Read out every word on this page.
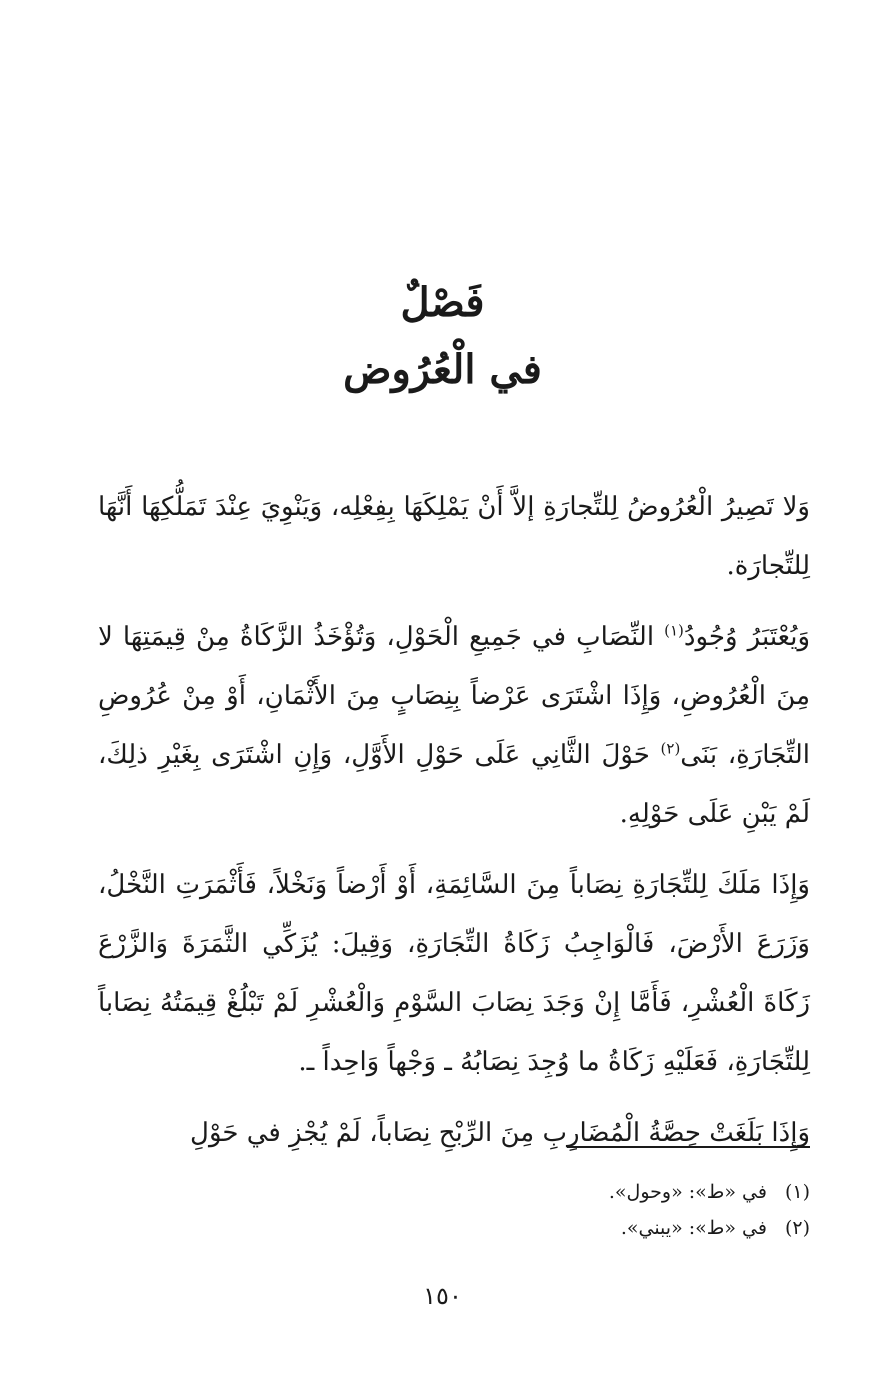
فَصْلٌ
في الْعُرُوض

وَلا تَصِيرُ الْعُرُوضُ لِلتِّجارَةِ إلاَّ أَنْ يَمْلِكَهَا بِفِعْلِه، وَيَنْوِيَ عِنْدَ تَمَلُّكِهَا أَنَّهَا لِلتِّجارَة.

وَيُعْتَبَرُ وُجُودُ$^{(١)}$ النِّصَابِ في جَمِيعِ الْحَوْلِ، وَتُؤْخَذُ الزَّكَاةُ مِنْ قِيمَتِهَا لا مِنَ الْعُرُوضِ، وَإِذَا اشْتَرَى عَرْضاً بِنِصَابٍ مِنَ الأَثْمَانِ، أَوْ مِنْ عُرُوضِ التِّجَارَةِ، بَنَى$^{(٢)}$ حَوْلَ الثَّانِي عَلَى حَوْلِ الأَوَّلِ، وَإِنِ اشْتَرَى بِغَيْرِ ذلِكَ، لَمْ يَبْنِ عَلَى حَوْلِهِ.

وَإِذَا مَلَكَ لِلتِّجَارَةِ نِصَاباً مِنَ السَّائِمَةِ، أَوْ أَرْضاً وَنَخْلاً، فَأَثْمَرَتِ النَّخْلُ، وَزَرَعَ الأَرْضَ، فَالْوَاجِبُ زَكَاةُ التِّجَارَةِ، وَقِيلَ: يُزَكِّي الثَّمَرَةَ وَالزَّرْعَ زَكَاةَ الْعُشْرِ، فَأَمَّا إِنْ وَجَدَ نِصَابَ السَّوْمِ وَالْعُشْرِ لَمْ تَبْلُغْ قِيمَتُهُ نِصَاباً لِلتِّجَارَةِ، فَعَلَيْهِ زَكَاةُ ما وُجِدَ نِصَابُهُ ـ وَجْهاً وَاحِداً ـ.

وَإِذَا بَلَغَتْ حِصَّةُ الْمُضَارِبِ مِنَ الرِّبْحِ نِصَاباً، لَمْ يُجْزِ في حَوْلِ

(١)
في «ط»: «وحول».
(٢)
في «ط»: «يبني».
١٥٠
